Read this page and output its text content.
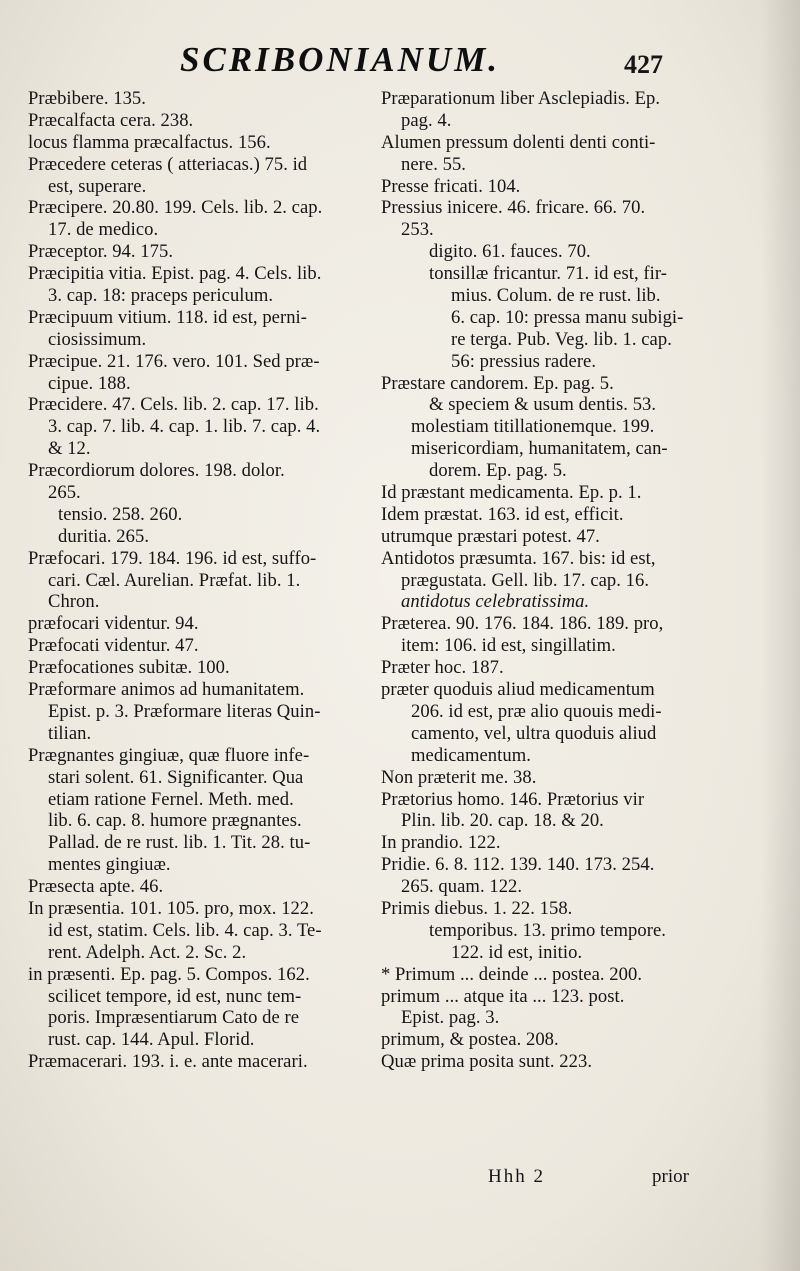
SCRIBONIANUM.	427
Præbibere. 135.
Præcalfacta cera. 238.
locus flamma præcalfactus. 156.
Præcedere ceteras ( atteriacas.) 75. id
est, superare.
Præcipere. 20.80. 199. Cels. lib. 2. cap.
17. de medico.
Præceptor. 94. 175.
Præcipitia vitia. Epist. pag. 4. Cels. lib.
3. cap. 18: praceps periculum.
Præcipuum vitium. 118. id est, perni-
ciosissimum.
Præcipue. 21. 176. vero. 101. Sed præ-
cipue. 188.
Præcidere. 47. Cels. lib. 2. cap. 17. lib.
3. cap. 7. lib. 4. cap. 1. lib. 7. cap. 4.
& 12.
Præcordiorum dolores. 198. dolor.
265.
tensio. 258. 260.
duritia. 265.
Præfocari. 179. 184. 196. id est, suffo-
cari. Cæl. Aurelian. Præfat. lib. 1.
Chron.
præfocari videntur. 94.
Præfocati videntur. 47.
Præfocationes subitæ. 100.
Præformare animos ad humanitatem.
Epist. p. 3. Præformare literas Quin-
tilian.
Prægnantes gingiuæ, quæ fluore infe-
stari solent. 61. Significanter. Qua
etiam ratione Fernel. Meth. med.
lib. 6. cap. 8. humore prægnantes.
Pallad. de re rust. lib. 1. Tit. 28. tu-
mentes gingiuæ.
Præsecta apte. 46.
In præsentia. 101. 105. pro, mox. 122.
id est, statim. Cels. lib. 4. cap. 3. Te-
rent. Adelph. Act. 2. Sc. 2.
in præsenti. Ep. pag. 5. Compos. 162.
scilicet tempore, id est, nunc tem-
poris. Impræsentiarum Cato de re
rust. cap. 144. Apul. Florid.
Præmacerari. 193. i. e. ante macerari.
Præparationum liber Asclepiadis. Ep.
pag. 4.
Alumen pressum dolenti denti conti-
nere. 55.
Presse fricati. 104.
Pressius inicere. 46. fricare. 66. 70.
253.
digito. 61. fauces. 70.
tonsillæ fricantur. 71. id est, fir-
mius. Colum. de re rust. lib.
6. cap. 10: pressa manu subigi-
re terga. Pub. Veg. lib. 1. cap.
56: pressius radere.
Præstare candorem. Ep. pag. 5.
& speciem & usum dentis. 53.
molestiam titillationemque. 199.
misericordiam, humanitatem, can-
dorem. Ep. pag. 5.
Id præstant medicamenta. Ep. p. 1.
Idem præstat. 163. id est, efficit.
utrumque præstari potest. 47.
Antidotos præsumta. 167. bis: id est,
prægustata. Gell. lib. 17. cap. 16.
antidotus celebratissima.
Præterea. 90. 176. 184. 186. 189. pro,
item: 106. id est, singillatim.
Præter hoc. 187.
præter quoduis aliud medicamentum
206. id est, præ alio quouis medi-
camento, vel, ultra quoduis aliud
medicamentum.
Non præterit me. 38.
Prætorius homo. 146. Prætorius vir
Plin. lib. 20. cap. 18. & 20.
In prandio. 122.
Pridie. 6. 8. 112. 139. 140. 173. 254.
265. quam. 122.
Primis diebus. 1. 22. 158.
temporibus. 13. primo tempore.
122. id est, initio.
* Primum ... deinde ... postea. 200.
primum ... atque ita ... 123. post.
Epist. pag. 3.
primum, & postea. 208.
Quæ prima posita sunt. 223.
Hhh 2	prior
